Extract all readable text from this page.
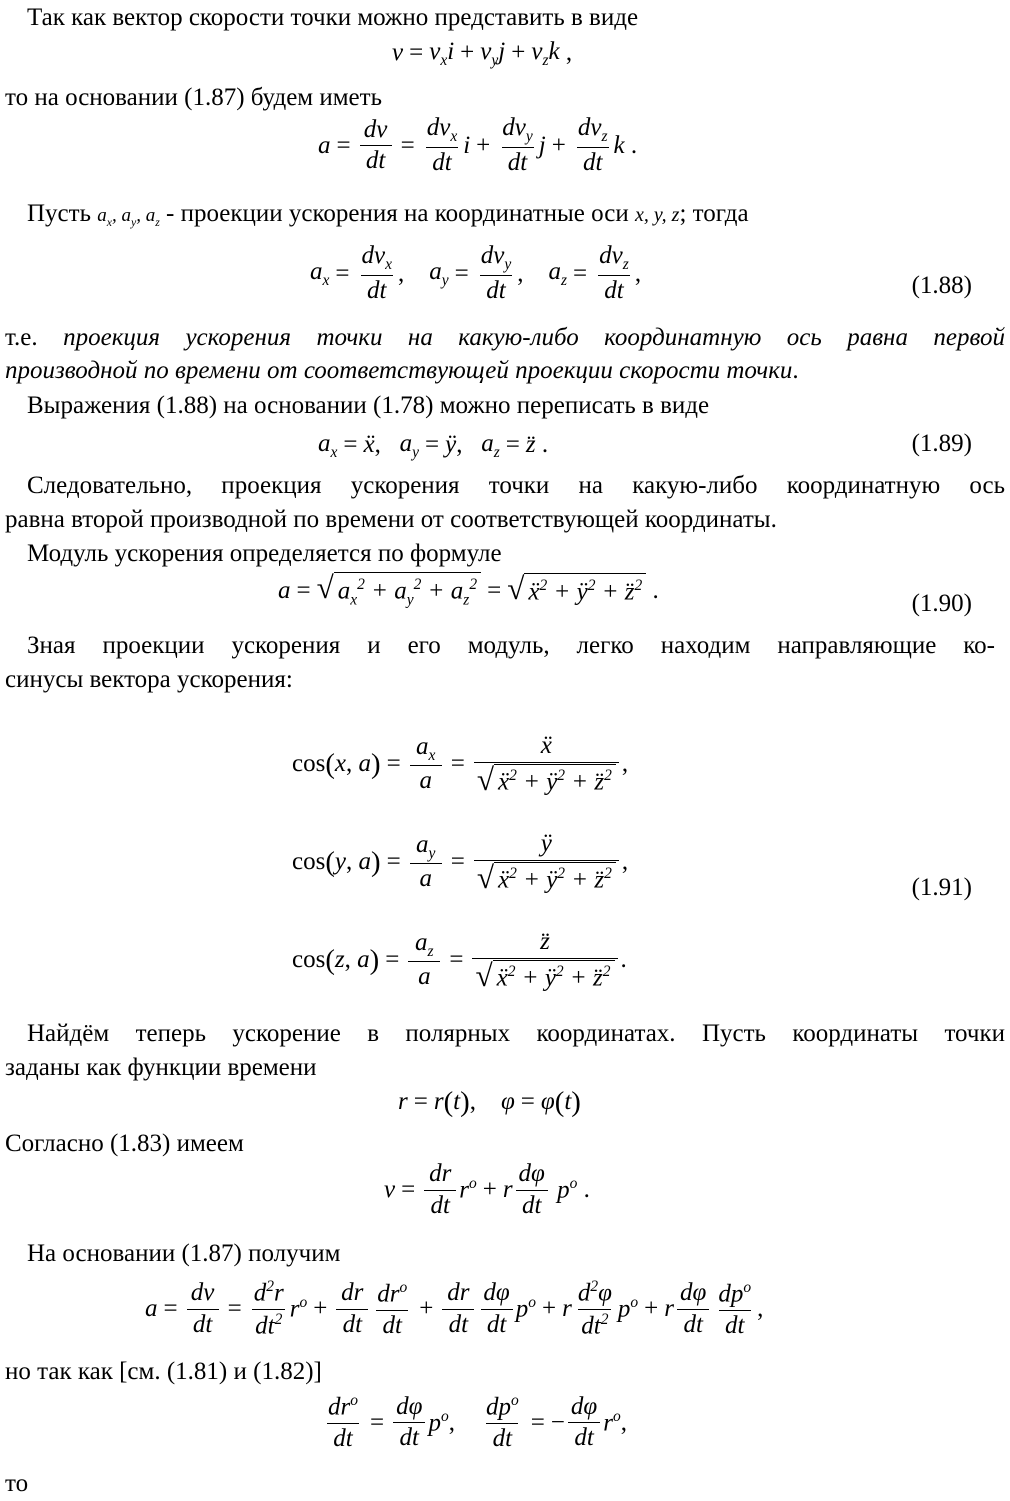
Так как вектор скорости точки можно представить в виде
$v = v_xi + v_yj + v_zk$ ,
то на основании (1.87) будем иметь
$a = \frac{dv}{dt}$ =
$dv_x$
dt
i +
$dv_y$
dt
j +
$dv_z$
dt
k .
Пусть $a_x$, $a_y$, $a_z$ - проекции ускорения на координатные оси x, y, z; тогда
$a_x$ =
$dv_x$
dt
, $a_y$ =
$dv_y$
dt
, $a_z$ =
$dv_z$
dt
,	(1.88)
т.е. проекция ускорения точки на какую-либо координатную ось равна первой
производной по времени от соответствующей проекции скорости точки.
Выражения (1.88) на основании (1.78) можно переписать в виде
$a_x$ = ẍ , $a_y$ = ÿ , $a_z$ = z̈ .	(1.89)
Следовательно, проекция ускорения точки на какую-либо координатную ось
равна второй производной по времени от соответствующей координаты.
Модуль ускорения определяется по формуле
a = √ $a_x^2 + a_y^2 + a_z^2$ = √ ẍ$^2$ + $ÿ^2$ + z̈$^2$ .	(1.90)
Зная проекции ускорения и его модуль, легко находим направляющие ко-
синусы вектора ускорения:
cos ( x , a ) = $\frac{a_x}{a} = \frac{\text{ẍ}}{√ ẍ^2 + ÿ^2 + z̈^2}$ ,
cos ( y , a ) = $\frac{a_y}{a} = \frac{ÿ}{√ ẍ^2 + ÿ^2 + z̈^2}$ ,
(1.91)
cos ( z , a ) = $\frac{a_z}{a} = \frac{z̈}{√ ẍ^2 + ÿ^2 + z̈^2}$ .
Найдём теперь ускорение в полярных координатах. Пусть координаты точки
заданы как функции времени
r = r ( t ) , φ = φ ( t )
Согласно (1.83) имеем
$v = \frac{dr}{dt} r^o + r$
dφ
dt
$p^o$ .
На основании (1.87) получим
$a = \frac{dv}{dt} = \frac{d^2r}{dt^2} r^o + \frac{dr}{dt} dr^o$
dt
+ $\frac{dr}{dt}$ dφ
dt
$p^o + r$
$d^2\varphi$
$dt^2$ $p^o + r$
dφ
dt
$dp^o$
dt
,
но так как [см. (1.81) и (1.82)]
$dr^o$
dt
= $\frac{d\varphi}{dt} p^o$ ,
$dp^o$
dt
= − $\frac{d\varphi}{dt} r^o$ ,
то
